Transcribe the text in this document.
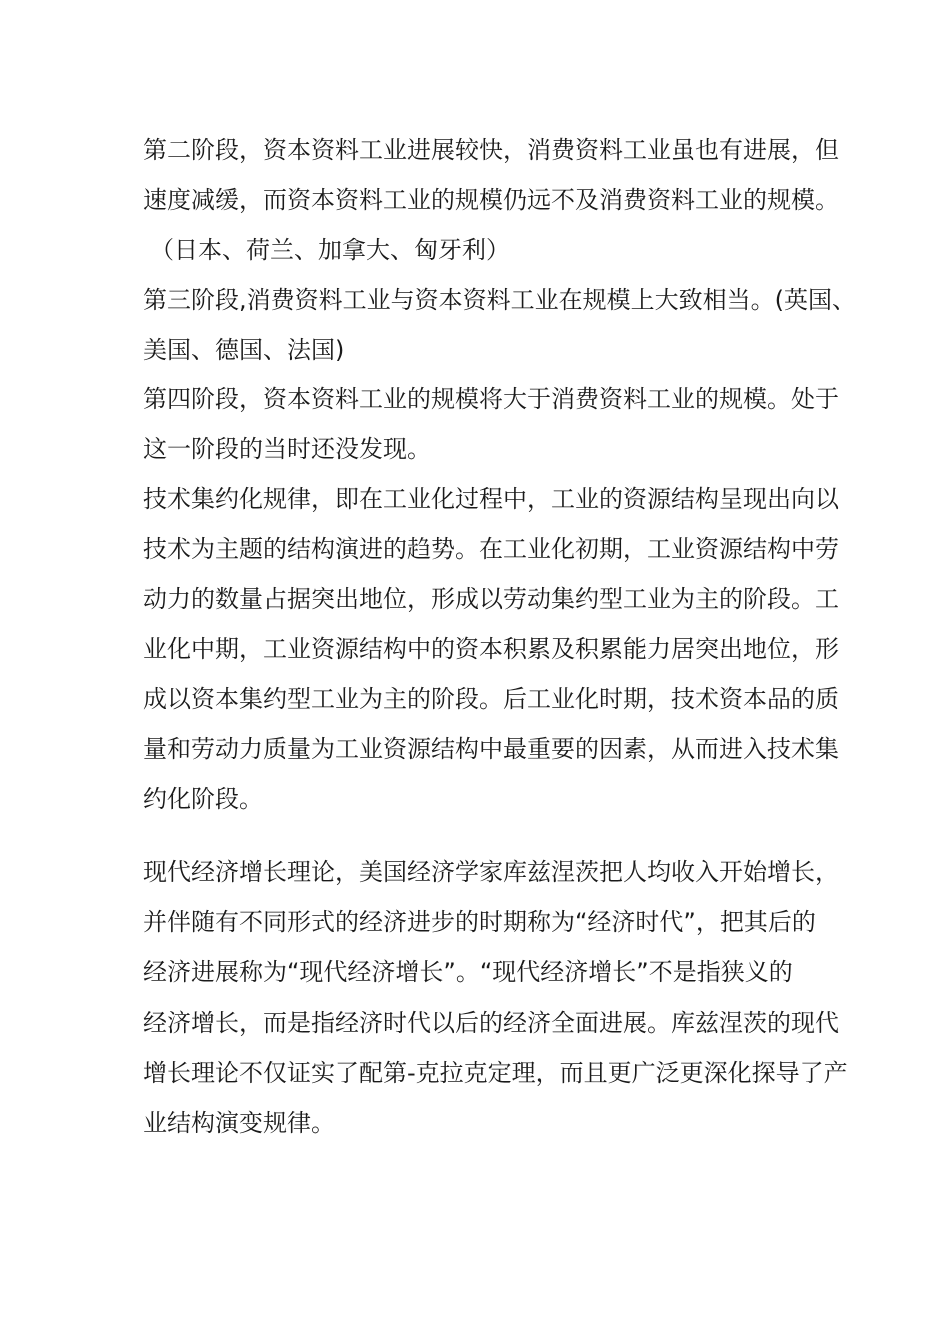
第二阶段，资本资料工业进展较快，消费资料工业虽也有进展，但
速度减缓，而资本资料工业的规模仍远不及消费资料工业的规模。
（日本、荷兰、加拿大、匈牙利）
第三阶段,消费资料工业与资本资料工业在规模上大致相当。(英国、
美国、德国、法国)
第四阶段，资本资料工业的规模将大于消费资料工业的规模。处于
这一阶段的当时还没发现。
技术集约化规律，即在工业化过程中，工业的资源结构呈现出向以
技术为主题的结构演进的趋势。在工业化初期，工业资源结构中劳
动力的数量占据突出地位，形成以劳动集约型工业为主的阶段。工
业化中期，工业资源结构中的资本积累及积累能力居突出地位，形
成以资本集约型工业为主的阶段。后工业化时期，技术资本品的质
量和劳动力质量为工业资源结构中最重要的因素，从而进入技术集
约化阶段。
现代经济增长理论，美国经济学家库兹涅茨把人均收入开始增长，
并伴随有不同形式的经济进步的时期称为“经济时代”，把其后的
经济进展称为“现代经济增长”。“现代经济增长”不是指狭义的
经济增长，而是指经济时代以后的经济全面进展。库兹涅茨的现代
增长理论不仅证实了配第-克拉克定理，而且更广泛更深化探导了产
业结构演变规律。
